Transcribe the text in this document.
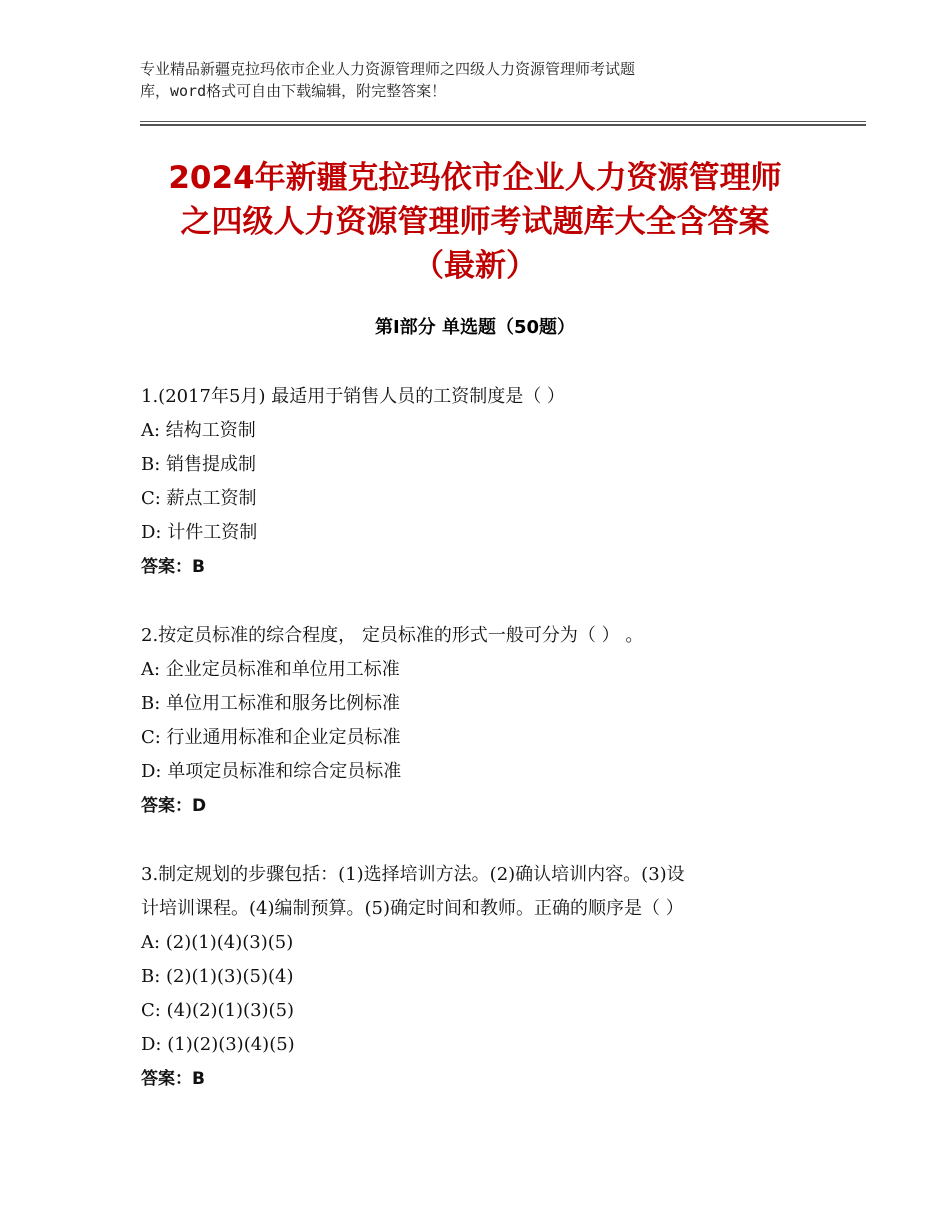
专业精品新疆克拉玛依市企业人力资源管理师之四级人力资源管理师考试题
库，word格式可自由下载编辑，附完整答案！
2024年新疆克拉玛依市企业人力资源管理师
之四级人力资源管理师考试题库大全含答案
（最新）
第Ⅰ部分 单选题（50题）
1.(2017年5月) 最适用于销售人员的工资制度是（ ）
A: 结构工资制
B: 销售提成制
C: 薪点工资制
D: 计件工资制
答案：B
2.按定员标准的综合程度， 定员标准的形式一般可分为（ ） 。
A: 企业定员标准和单位用工标准
B: 单位用工标准和服务比例标准
C: 行业通用标准和企业定员标准
D: 单项定员标准和综合定员标准
答案：D
3.制定规划的步骤包括：(1)选择培训方法。(2)确认培训内容。(3)设
计培训课程。(4)编制预算。(5)确定时间和教师。正确的顺序是（ ）
A: (2)(1)(4)(3)(5)
B: (2)(1)(3)(5)(4)
C: (4)(2)(1)(3)(5)
D: (1)(2)(3)(4)(5)
答案：B
